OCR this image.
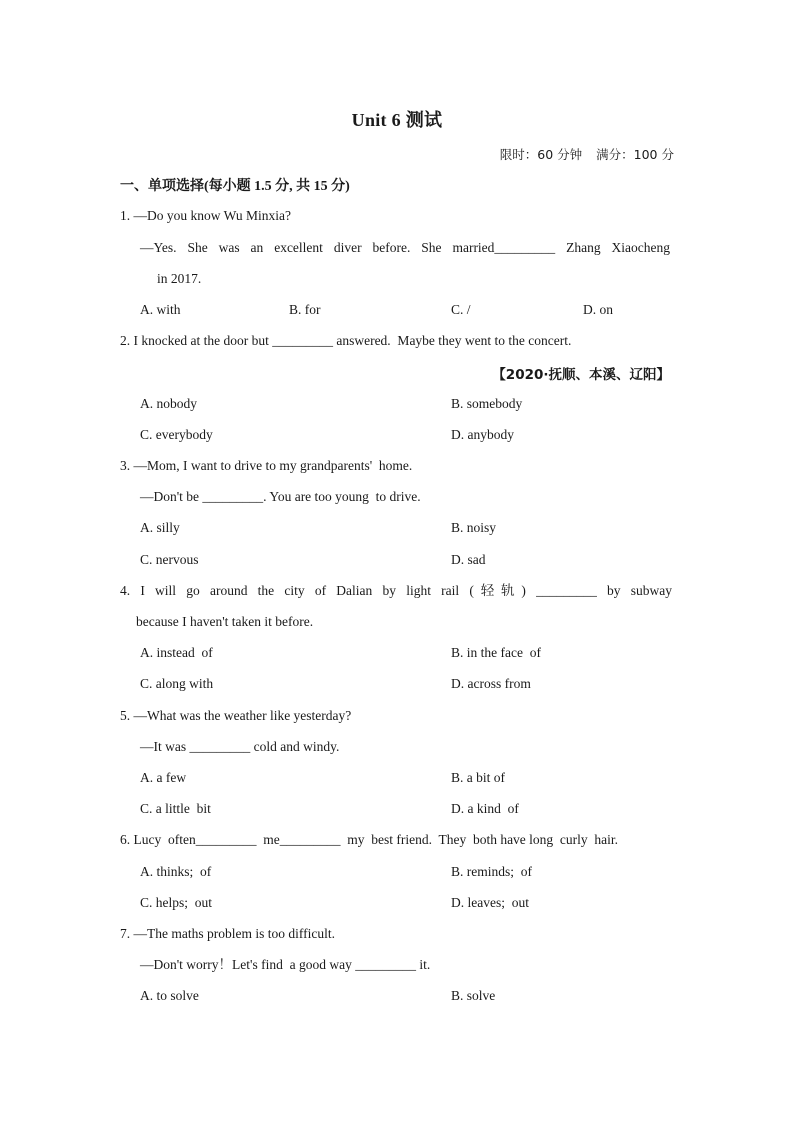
Unit 6 测试
限时：60 分钟 满分：100 分
一、单项选择(每小题 1.5 分, 共 15 分)
1. —Do you know Wu Minxia?
—Yes. She was an excellent diver before. She married_________ Zhang Xiaocheng
in 2017.
A. with	B. for	C. /	D. on
2. I knocked at the door but _________ answered.  Maybe they went to the concert.
【2020·抚顺、本溪、辽阳】
A. nobody	B. somebody
C. everybody	D. anybody
3. —Mom, I want to drive to my grandparents'  home.
—Don't be _________. You are too young  to drive.
A. silly	B. noisy
C. nervous	D. sad
4. I will go around the city of Dalian by light rail (轻轨) _________ by subway
because I haven't taken it before.
A. instead  of	B. in the face  of
C. along with	D. across from
5. —What was the weather like yesterday?
—It was _________ cold and windy.
A. a few	B. a bit of
C. a little  bit	D. a kind  of
6. Lucy  often_________  me_________  my  best friend.  They  both have long  curly  hair.
A. thinks;  of	B. reminds;  of
C. helps;  out	D. leaves;  out
7. —The maths problem is too difficult.
—Don't worry！Let's find  a good way _________ it.
A. to solve	B. solve
